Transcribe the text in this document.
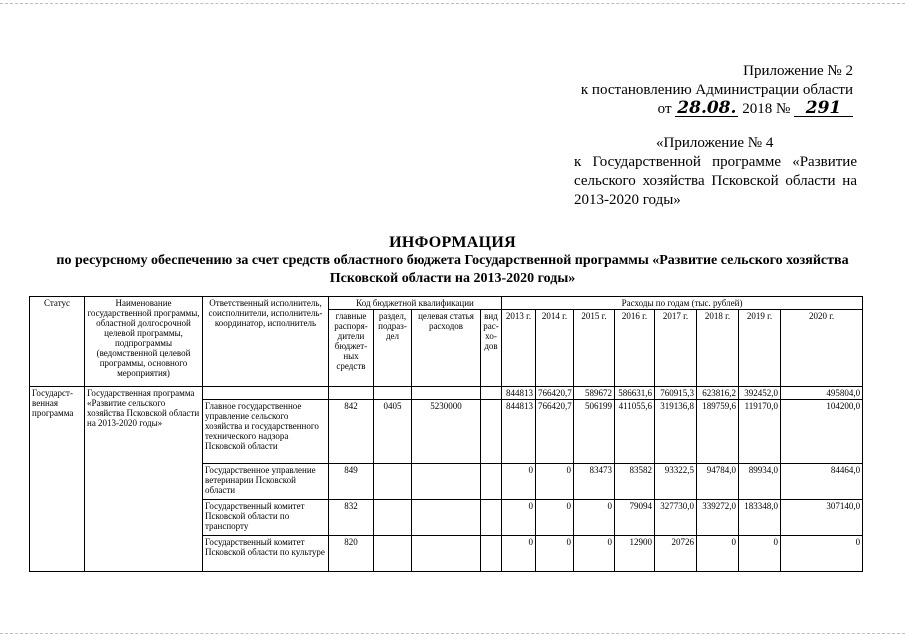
Приложение № 2
к постановлению Администрации области
от 28.08. 2018 № 291
«Приложение № 4
к Государственной программе «Развитие сельского хозяйства Псковской области на 2013-2020 годы»
ИНФОРМАЦИЯ
по ресурсному обеспечению за счет средств областного бюджета Государственной программы «Развитие сельского хозяйства Псковской области на 2013-2020 годы»
Статус	Наименование государственной программы, областной долгосрочной целевой программы, подпрограммы (ведомственной целевой программы, основного мероприятия)	Ответственный исполнитель, соисполнители, исполнитель-координатор, исполнитель	Код бюджетной квалификации				Расходы по годам (тыс. рублей)							
			главные распоря-дители бюджет-ных средств	раздел, подраз-дел	целевая статья расходов	вид рас-хо-дов	2013 г.	2014 г.	2015 г.	2016 г.	2017 г.	2018 г.	2019 г.	2020 г.
Государст-венная программа	Государственная программа «Развитие сельского хозяйства Псковской области на 2013-2020 годы»						844813	766420,7	589672	586631,6	760915,3	623816,2	392452,0	495804,0
		Главное государственное управление сельского хозяйства и государственного технического надзора Псковской области	842	0405	5230000		844813	766420,7	506199	411055,6	319136,8	189759,6	119170,0	104200,0
		Государственное управление ветеринарии Псковской области	849				0	0	83473	83582	93322,5	94784,0	89934,0	84464,0
		Государственный комитет Псковской области по транспорту	832				0	0	0	79094	327730,0	339272,0	183348,0	307140,0
		Государственный комитет Псковской области по культуре	820				0	0	0	12900	20726	0	0	0
